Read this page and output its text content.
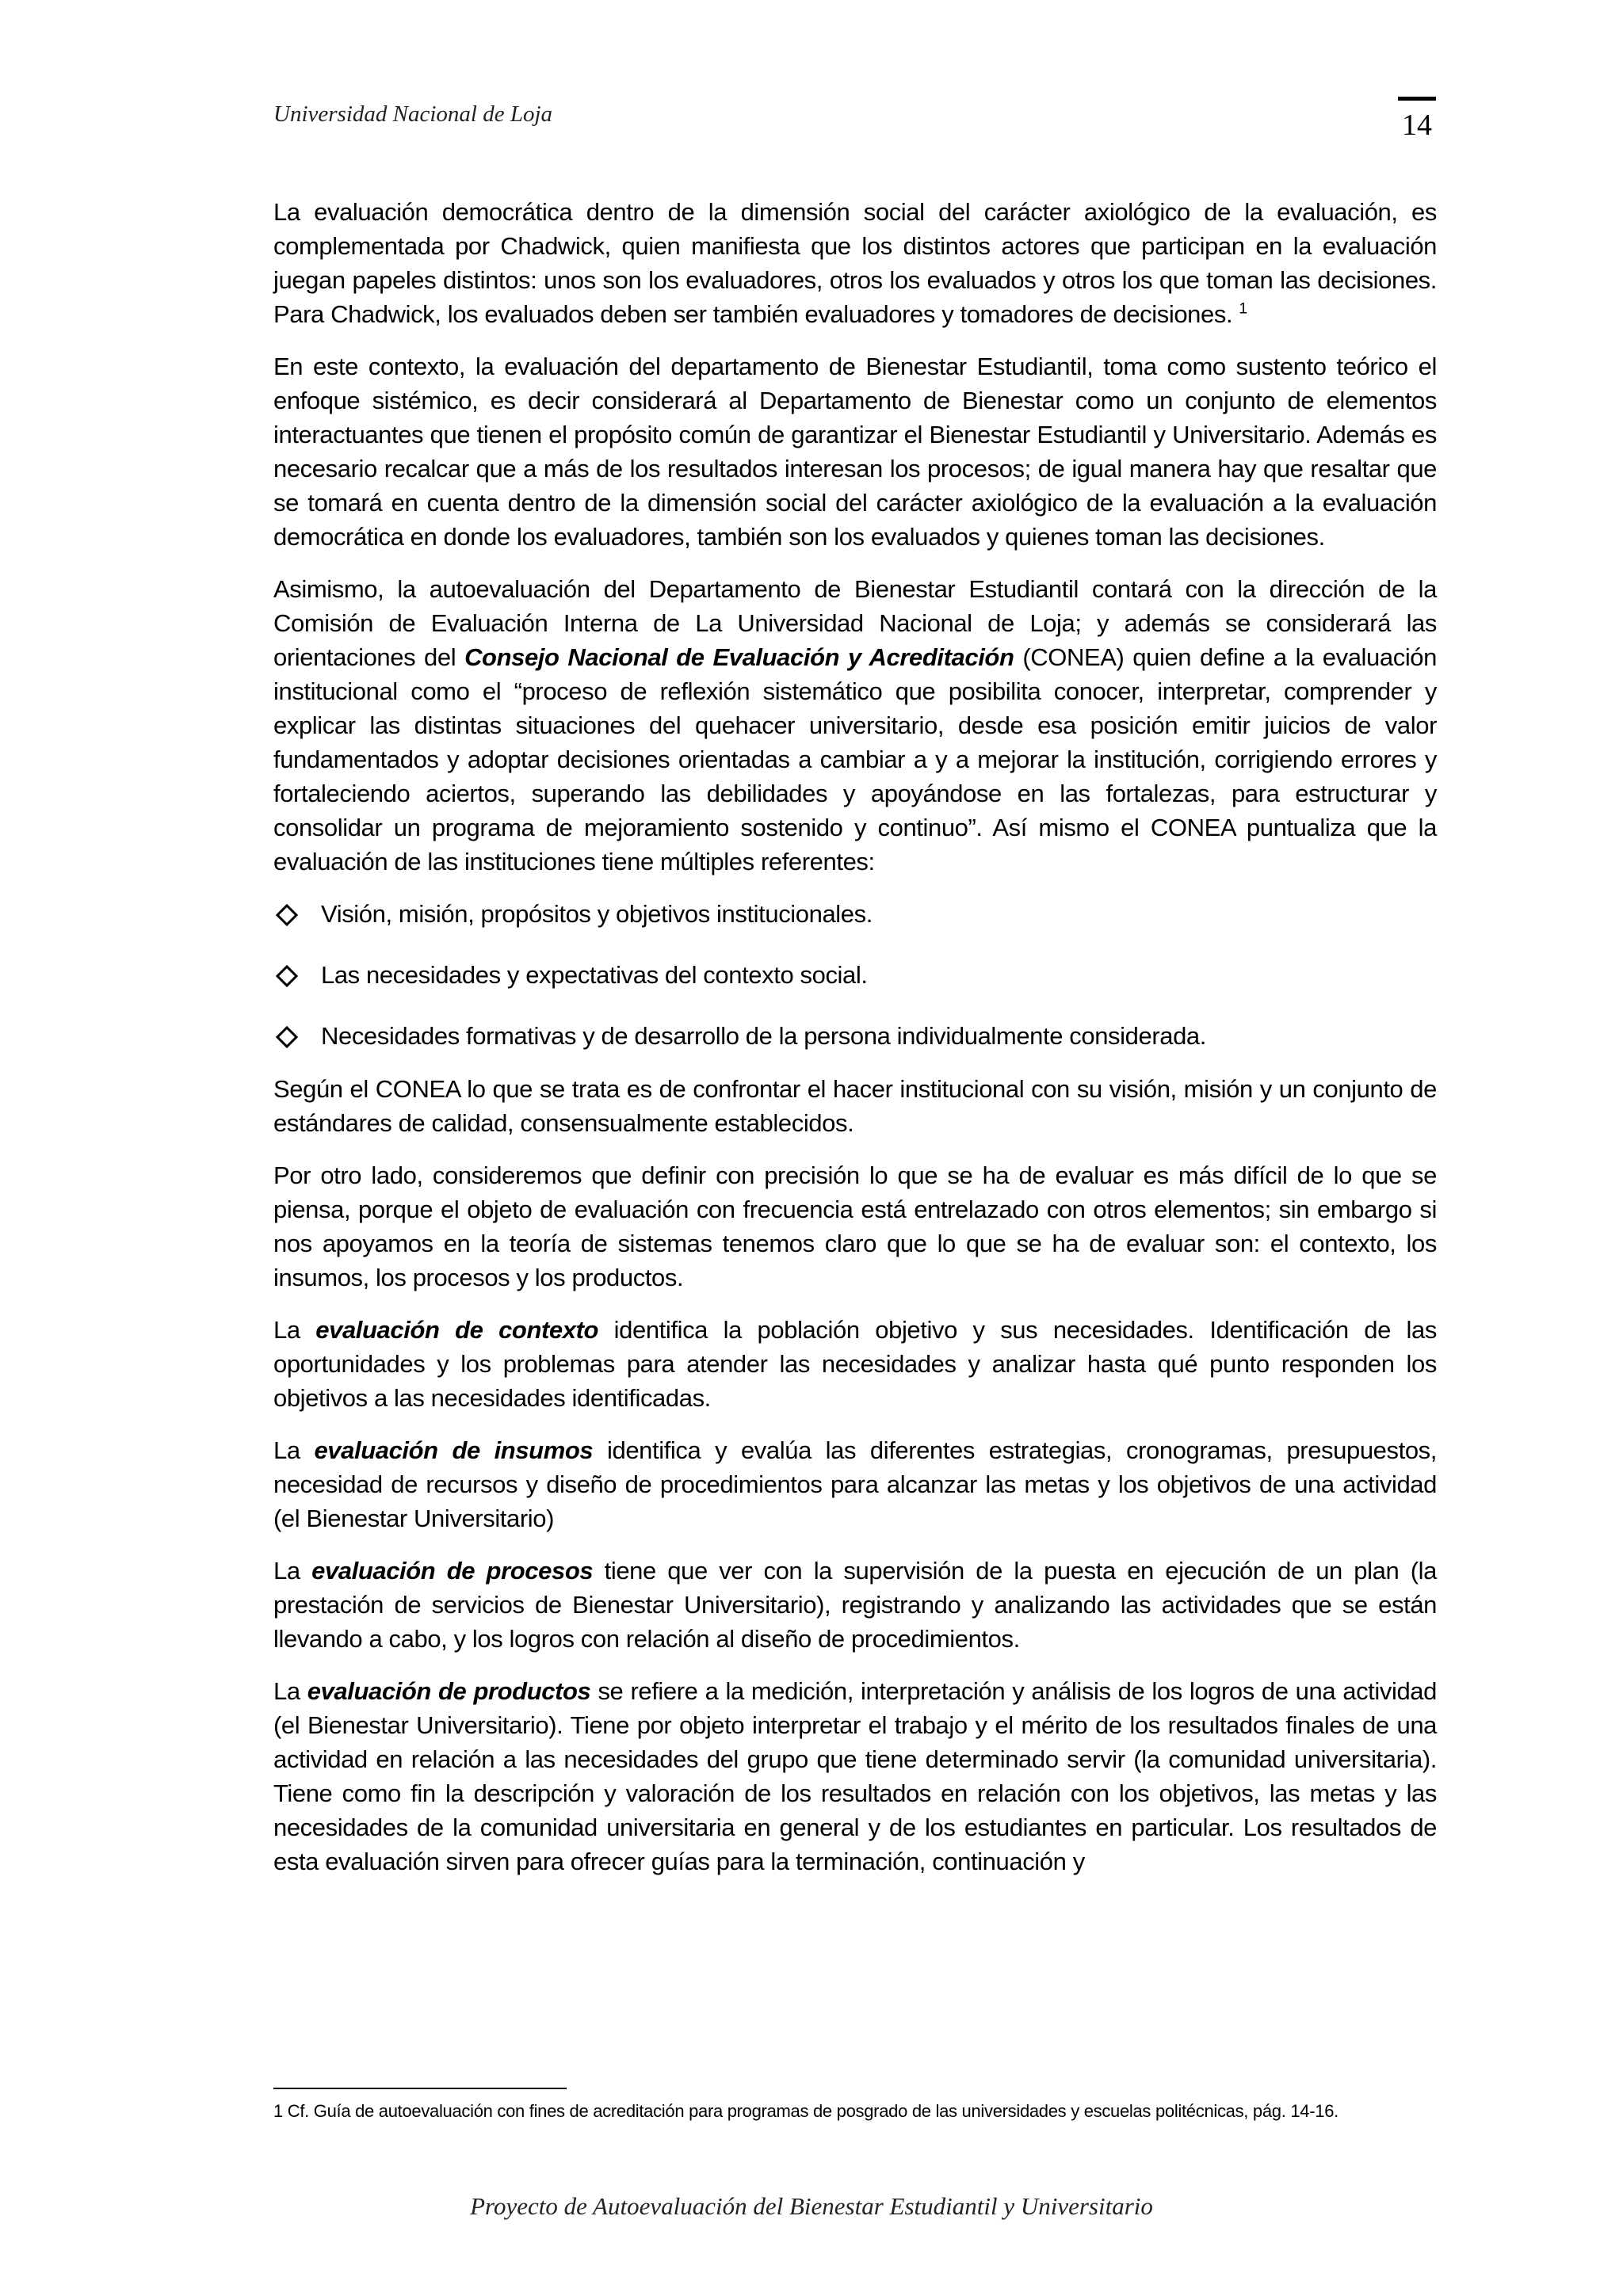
Universidad Nacional de Loja	14

La evaluación democrática dentro de la dimensión social del carácter axiológico de la evaluación, es complementada por Chadwick, quien manifiesta que los distintos actores que participan en la evaluación juegan papeles distintos: unos son los evaluadores, otros los evaluados y otros los que toman las decisiones. Para Chadwick, los evaluados deben ser también evaluadores y tomadores de decisiones. $^1$

En este contexto, la evaluación del departamento de Bienestar Estudiantil, toma como sustento teórico el enfoque sistémico, es decir considerará al Departamento de Bienestar como un conjunto de elementos interactuantes que tienen el propósito común de garantizar el Bienestar Estudiantil y Universitario. Además es necesario recalcar que a más de los resultados interesan los procesos; de igual manera hay que resaltar que se tomará en cuenta dentro de la dimensión social del carácter axiológico de la evaluación a la evaluación democrática en donde los evaluadores, también son los evaluados y quienes toman las decisiones.

Asimismo, la autoevaluación del Departamento de Bienestar Estudiantil contará con la dirección de la Comisión de Evaluación Interna de La Universidad Nacional de Loja; y además se considerará las orientaciones del Consejo Nacional de Evaluación y Acreditación (CONEA) quien define a la evaluación institucional como el “proceso de reflexión sistemático que posibilita conocer, interpretar, comprender y explicar las distintas situaciones del quehacer universitario, desde esa posición emitir juicios de valor fundamentados y adoptar decisiones orientadas a cambiar a y a mejorar la institución, corrigiendo errores y fortaleciendo aciertos, superando las debilidades y apoyándose en las fortalezas, para estructurar y consolidar un programa de mejoramiento sostenido y continuo”. Así mismo el CONEA puntualiza que la evaluación de las instituciones tiene múltiples referentes:

Visión, misión, propósitos y objetivos institucionales.
Las necesidades y expectativas del contexto social.
Necesidades formativas y de desarrollo de la persona individualmente considerada.

Según el CONEA lo que se trata es de confrontar el hacer institucional con su visión, misión y un conjunto de estándares de calidad, consensualmente establecidos.

Por otro lado, consideremos que definir con precisión lo que se ha de evaluar es más difícil de lo que se piensa, porque el objeto de evaluación con frecuencia está entrelazado con otros elementos; sin embargo si nos apoyamos en la teoría de sistemas tenemos claro que lo que se ha de evaluar son: el contexto, los insumos, los procesos y los productos.

La evaluación de contexto identifica la población objetivo y sus necesidades. Identificación de las oportunidades y los problemas para atender las necesidades y analizar hasta qué punto responden los objetivos a las necesidades identificadas.

La evaluación de insumos identifica y evalúa las diferentes estrategias, cronogramas, presupuestos, necesidad de recursos y diseño de procedimientos para alcanzar las metas y los objetivos de una actividad (el Bienestar Universitario)

La evaluación de procesos tiene que ver con la supervisión de la puesta en ejecución de un plan (la prestación de servicios de Bienestar Universitario), registrando y analizando las actividades que se están llevando a cabo, y los logros con relación al diseño de procedimientos.

La evaluación de productos se refiere a la medición, interpretación y análisis de los logros de una actividad (el Bienestar Universitario). Tiene por objeto interpretar el trabajo y el mérito de los resultados finales de una actividad en relación a las necesidades del grupo que tiene determinado servir (la comunidad universitaria). Tiene como fin la descripción y valoración de los resultados en relación con los objetivos, las metas y las necesidades de la comunidad universitaria en general y de los estudiantes en particular. Los resultados de esta evaluación sirven para ofrecer guías para la terminación, continuación y

1 Cf. Guía de autoevaluación con fines de acreditación para programas de posgrado de las universidades y escuelas politécnicas, pág. 14-16.
Proyecto de Autoevaluación del Bienestar Estudiantil y Universitario
